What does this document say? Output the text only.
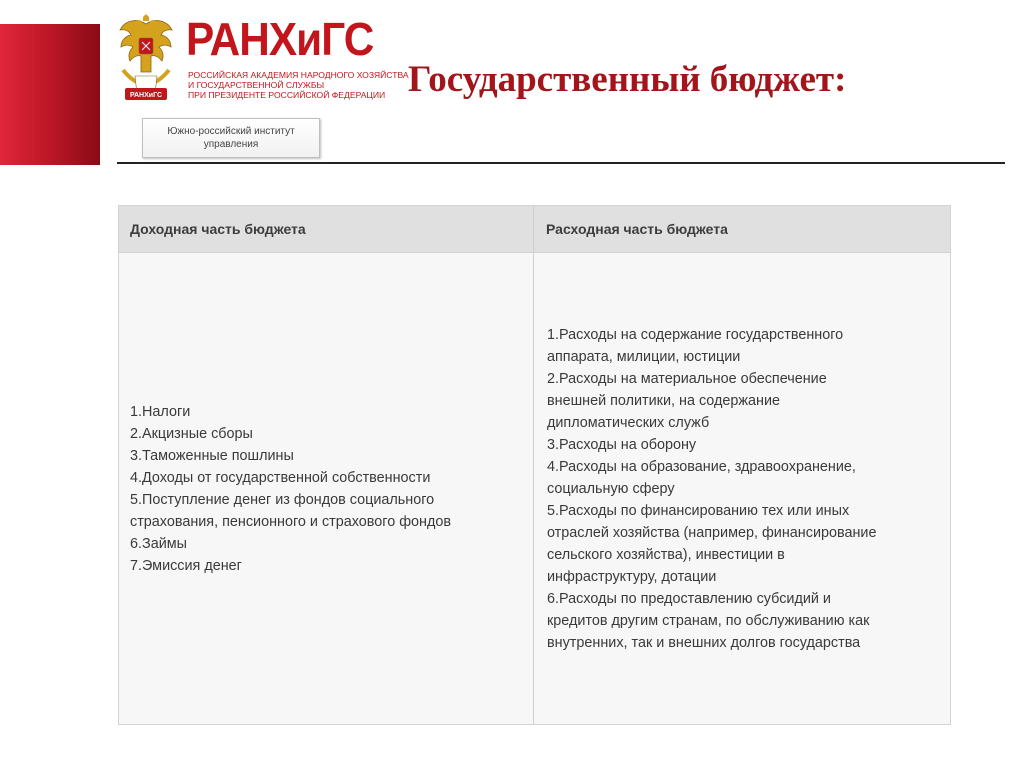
РАНХиГС
РАНХиГС
РОССИЙСКАЯ АКАДЕМИЯ НАРОДНОГО ХОЗЯЙСТВА
И ГОСУДАРСТВЕННОЙ СЛУЖБЫ
ПРИ ПРЕЗИДЕНТЕ РОССИЙСКОЙ ФЕДЕРАЦИИ
Южно-российский институт
управления
Государственный бюджет:
Доходная часть бюджета	Расходная часть бюджета
1.Налоги
2.Акцизные сборы
3.Таможенные пошлины
4.Доходы от государственной собственности
5.Поступление денег из фондов социального
страхования, пенсионного и страхового фондов
6.Займы
7.Эмиссия денег
1.Расходы на содержание государственного
аппарата, милиции, юстиции
2.Расходы на материальное обеспечение
внешней политики, на содержание
дипломатических служб
3.Расходы на оборону
4.Расходы на образование, здравоохранение,
социальную сферу
5.Расходы по финансированию тех или иных
отраслей хозяйства (например, финансирование
сельского хозяйства), инвестиции в
инфраструктуру, дотации
6.Расходы по предоставлению субсидий и
кредитов другим странам, по обслуживанию как
внутренних, так и внешних долгов государства
